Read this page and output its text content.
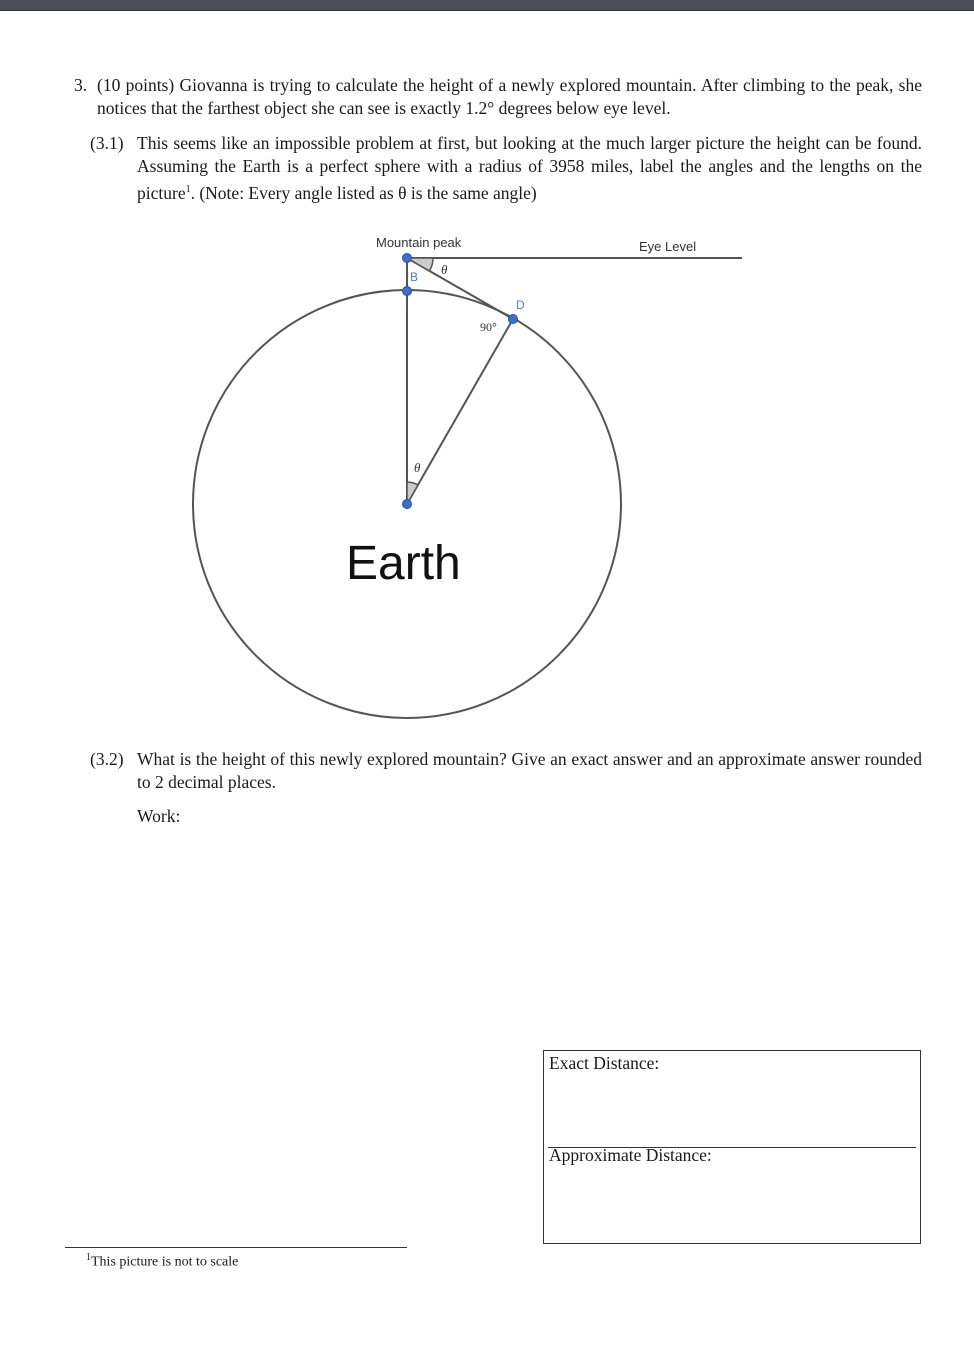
3. (10 points) Giovanna is trying to calculate the height of a newly explored mountain. After climbing to the peak, she notices that the farthest object she can see is exactly 1.2° degrees below eye level.
(3.1) This seems like an impossible problem at first, but looking at the much larger picture the height can be found. Assuming the Earth is a perfect sphere with a radius of 3958 miles, label the angles and the lengths on the picture$^1$. (Note: Every angle listed as θ is the same angle)
Mountain peak	Eye Level
B
D
θ
90°
θ
Earth
(3.2) What is the height of this newly explored mountain? Give an exact answer and an approximate answer rounded to 2 decimal places.
Work:
Exact Distance:
Approximate Distance:
$^1$This picture is not to scale
